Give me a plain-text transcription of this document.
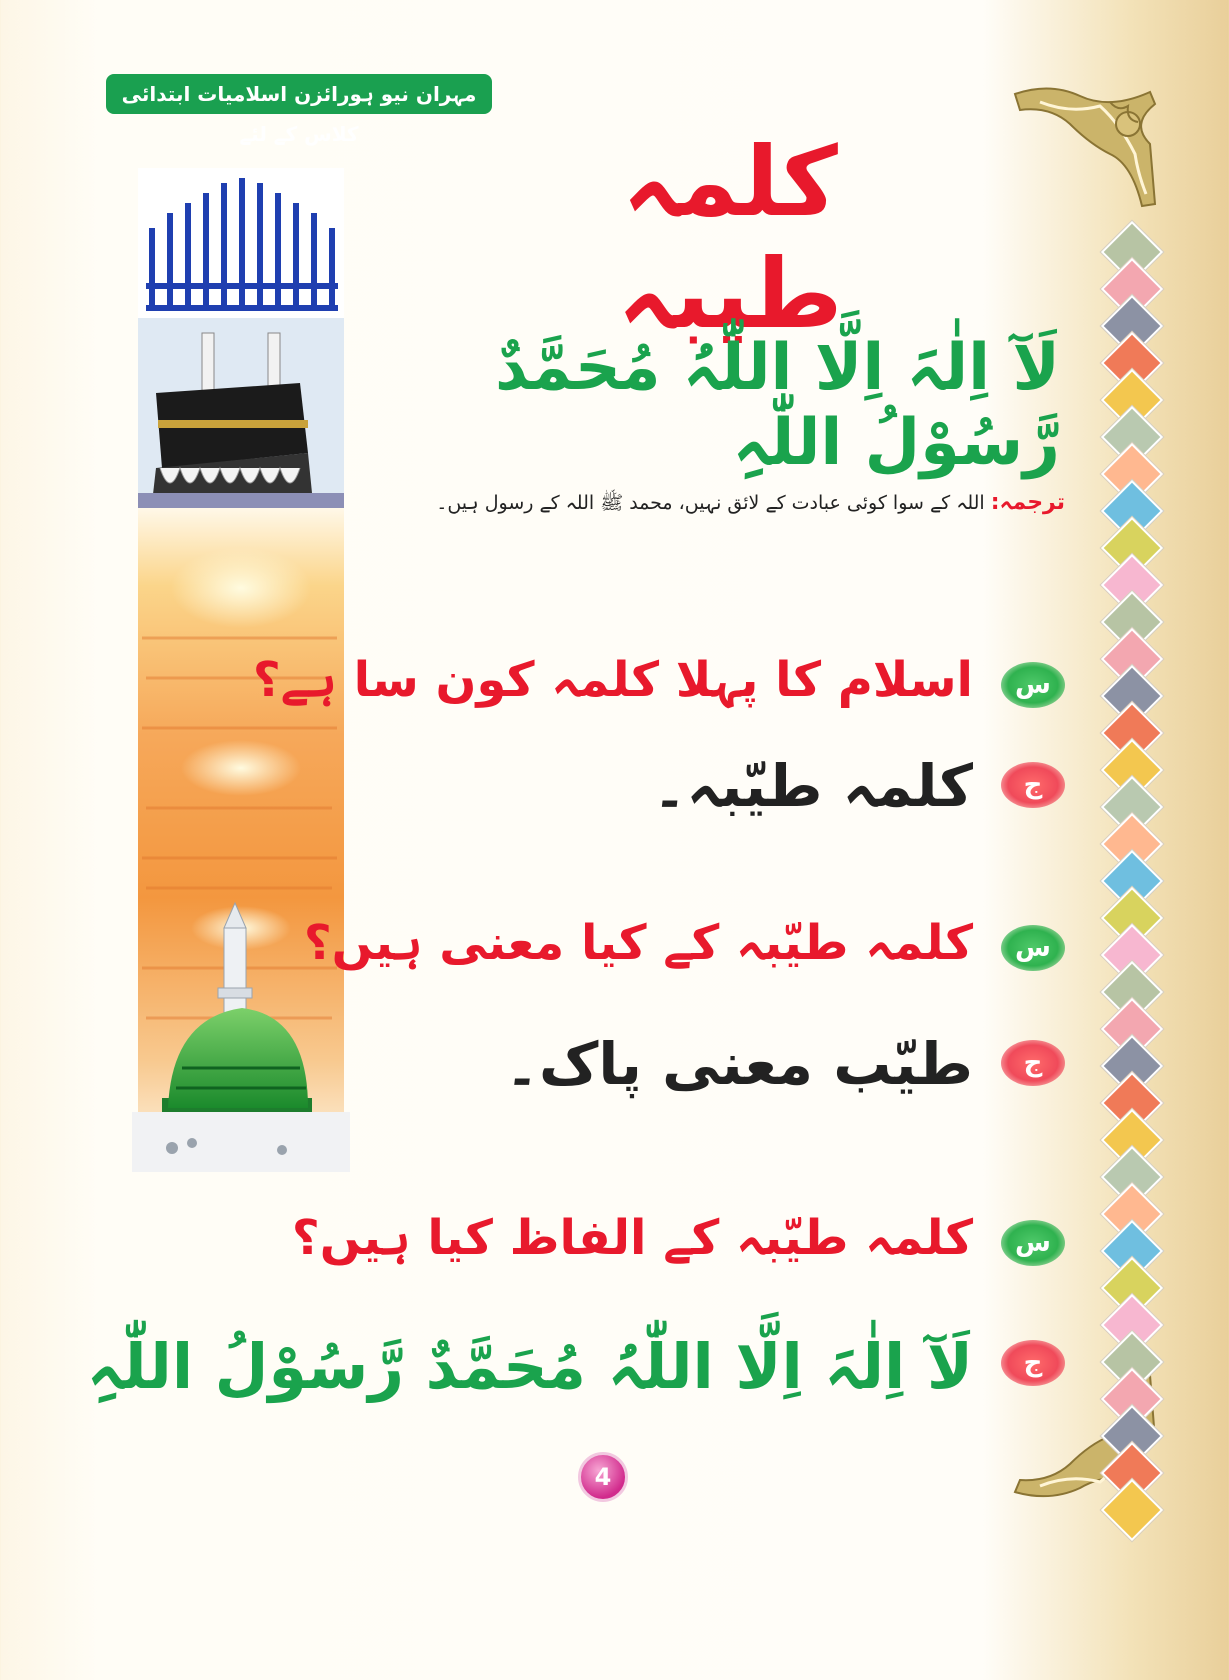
مہران نیو ہورائزن اسلامیات ابتدائی کلاس کے لئے	کلمہ طیبہ
لَآ اِلٰہَ اِلَّا اللّٰہُ مُحَمَّدٌ رَّسُوْلُ اللّٰہِ
ترجمہ: اللہ کے سوا کوئی عبادت کے لائق نہیں، محمد ﷺ اللہ کے رسول ہیں۔
س
اسلام کا پہلا کلمہ کون سا ہے؟
ج
کلمہ طیّبہ۔
س
کلمہ طیّبہ کے کیا معنی ہیں؟
ج
طیّب معنی پاک۔
س
کلمہ طیّبہ کے الفاظ کیا ہیں؟
ج
لَآ اِلٰہَ اِلَّا اللّٰہُ مُحَمَّدٌ رَّسُوْلُ اللّٰہِ
4
